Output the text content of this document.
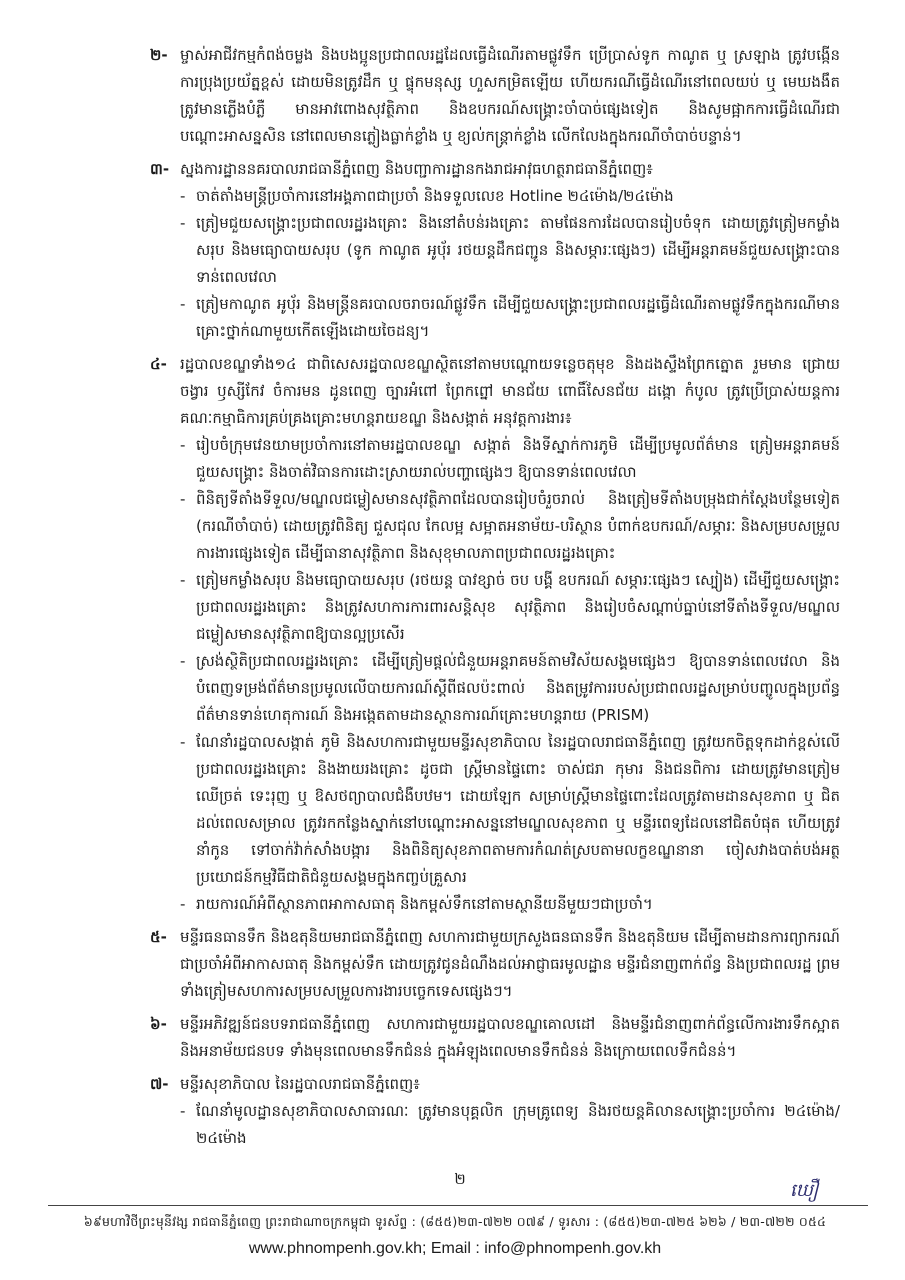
២- ម្ចាស់អាជីវកម្មកំពង់ចម្លង និងបងប្អូនប្រជាពលរដ្ឋដែលធ្វើដំណើរតាមផ្លូវទឹក ប្រើប្រាស់ទូក កាណូត ឬ ស្រឡាង ត្រូវបង្កើនការប្រុងប្រយ័ត្នខ្ពស់ ដោយមិនត្រូវដឹក ឬ ផ្ទុកមនុស្ស ហួសកម្រិតឡើយ ហើយករណីធ្វើដំណើរនៅពេលយប់ ឬ មេឃងងឹត ត្រូវមានភ្លើងបំភ្លឺ មានអាវពោងសុវត្ថិភាព និងឧបករណ៍សង្គ្រោះចាំបាច់ផ្សេងទៀត និងសូមផ្អាកការធ្វើដំណើរជាបណ្ដោះអាសន្នសិន នៅពេលមានភ្លៀងធ្លាក់ខ្លាំង ឬ ខ្យល់កន្ត្រាក់ខ្លាំង លើកលែងក្នុងករណីចាំបាច់បន្ទាន់។
៣- ស្នងការដ្ឋាននគរបាលរាជធានីភ្នំពេញ និងបញ្ជាការដ្ឋានកងរាជអាវុធហត្ថរាជធានីភ្នំពេញ៖
- ចាត់តាំងមន្ត្រីប្រចាំការនៅអង្គភាពជាប្រចាំ និងទទួលលេខ Hotline ២៤ម៉ោង/២៤ម៉ោង
- ត្រៀមជួយសង្គ្រោះប្រជាពលរដ្ឋរងគ្រោះ និងនៅតំបន់រងគ្រោះ តាមផែនការដែលបានរៀបចំទុក ដោយត្រូវត្រៀមកម្លាំងសរុប និងមធ្យោបាយសរុប (ទូក កាណូត អូប៉័រ រថយន្តដឹកជញ្ជូន និងសម្ភារៈផ្សេងៗ) ដើម្បីអន្តរាគមន៍ជួយសង្គ្រោះបានទាន់ពេលវេលា
- ត្រៀមកាណូត អូប៉័រ និងមន្ត្រីនគរបាលចរាចរណ៍ផ្លូវទឹក ដើម្បីជួយសង្គ្រោះប្រជាពលរដ្ឋធ្វើដំណើរតាមផ្លូវទឹកក្នុងករណីមានគ្រោះថ្នាក់ណាមួយកើតឡើងដោយចៃដន្យ។
៤- រដ្ឋបាលខណ្ឌទាំង១៤ ជាពិសេសរដ្ឋបាលខណ្ឌស្ថិតនៅតាមបណ្ដោយទន្លេចតុមុខ និងដងស្ទឹងព្រែកត្នោត រួមមាន ជ្រោយចង្វារ ឫស្សីកែវ ចំការមន ដូនពេញ ច្បារអំពៅ ព្រែកព្នៅ មានជ័យ ពោធិ៍សែនជ័យ ដង្កោ កំបូល ត្រូវប្រើប្រាស់យន្តការគណៈកម្មាធិការគ្រប់គ្រងគ្រោះមហន្តរាយខណ្ឌ និងសង្កាត់ អនុវត្តការងារ៖
- រៀបចំក្រុមវេនយាមប្រចាំការនៅតាមរដ្ឋបាលខណ្ឌ សង្កាត់ និងទីស្នាក់ការភូមិ ដើម្បីប្រមូលព័ត៌មាន ត្រៀមអន្តរាគមន៍ជួយសង្គ្រោះ និងចាត់វិធានការដោះស្រាយរាល់បញ្ហាផ្សេងៗ ឱ្យបានទាន់ពេលវេលា
- ពិនិត្យទីតាំងទីទួល/មណ្ឌលជម្លៀសមានសុវត្ថិភាពដែលបានរៀបចំរួចរាល់ និងត្រៀមទីតាំងបម្រុងជាក់ស្ដែងបន្ថែមទៀត (ករណីចាំបាច់) ដោយត្រូវពិនិត្យ ជួសជុល កែលម្អ សម្អាតអនាម័យ-បរិស្ថាន បំពាក់ឧបករណ៍/សម្ភារៈ និងសម្របសម្រួលការងារផ្សេងទៀត ដើម្បីធានាសុវត្ថិភាព និងសុខុមាលភាពប្រជាពលរដ្ឋរងគ្រោះ
- ត្រៀមកម្លាំងសរុប និងមធ្យោបាយសរុប (រថយន្ត បាវខ្សាច់ ចប បង្គី ឧបករណ៍ សម្ភារៈផ្សេងៗ ស្បៀង) ដើម្បីជួយសង្គ្រោះប្រជាពលរដ្ឋរងគ្រោះ និងត្រូវសហការការពារសន្តិសុខ សុវត្ថិភាព និងរៀបចំសណ្ដាប់ធ្នាប់នៅទីតាំងទីទួល/មណ្ឌលជម្លៀសមានសុវត្ថិភាពឱ្យបានល្អប្រសើរ
- ស្រង់ស្ថិតិប្រជាពលរដ្ឋរងគ្រោះ ដើម្បីត្រៀមផ្ដល់ជំនួយអន្តរាគមន៍តាមវិស័យសង្គមផ្សេងៗ ឱ្យបានទាន់ពេលវេលា និងបំពេញទម្រង់ព័ត៌មានប្រមូលលើបាយការណ៍ស្ដីពីផលប៉ះពាល់ និងតម្រូវការរបស់ប្រជាពលរដ្ឋសម្រាប់បញ្ចូលក្នុងប្រព័ន្ធព័ត៌មានទាន់ហេតុការណ៍ និងអង្កេតតាមដានស្ថានការណ៍គ្រោះមហន្តរាយ (PRISM)
- ណែនាំរដ្ឋបាលសង្កាត់ ភូមិ និងសហការជាមួយមន្ទីរសុខាភិបាល នៃរដ្ឋបាលរាជធានីភ្នំពេញ ត្រូវយកចិត្តទុកដាក់ខ្ពស់លើប្រជាពលរដ្ឋរងគ្រោះ និងងាយរងគ្រោះ ដូចជា ស្ត្រីមានផ្ទៃពោះ ចាស់ជរា កុមារ និងជនពិការ ដោយត្រូវមានត្រៀមឈើច្រត់ ទេះរុញ ឬ ឱសថព្យាបាលជំងឺបឋម។ ដោយឡែក សម្រាប់ស្ត្រីមានផ្ទៃពោះដែលត្រូវតាមដានសុខភាព ឬ ជិតដល់ពេលសម្រាល ត្រូវរកកន្លែងស្នាក់នៅបណ្ដោះអាសន្ននៅមណ្ឌលសុខភាព ឬ មន្ទីរពេទ្យដែលនៅជិតបំផុត ហើយត្រូវនាំកូន ទៅចាក់វ៉ាក់សាំងបង្ការ និងពិនិត្យសុខភាពតាមការកំណត់ស្របតាមលក្ខខណ្ឌនានា ចៀសវាងបាត់បង់អត្ថប្រយោជន៍កម្មវិធីជាតិជំនួយសង្គមក្នុងកញ្ចប់គ្រួសារ
- រាយការណ៍អំពីស្ថានភាពអាកាសធាតុ និងកម្ពស់ទឹកនៅតាមស្ថានីយនីមួយៗជាប្រចាំ។
៥- មន្ទីរធនធានទឹក និងឧតុនិយមរាជធានីភ្នំពេញ សហការជាមួយក្រសួងធនធានទឹក និងឧតុនិយម ដើម្បីតាមដានការព្យាករណ៍ជាប្រចាំអំពីអាកាសធាតុ និងកម្ពស់ទឹក ដោយត្រូវជូនដំណឹងដល់អាជ្ញាធរមូលដ្ឋាន មន្ទីរជំនាញពាក់ព័ន្ធ និងប្រជាពលរដ្ឋ ព្រមទាំងត្រៀមសហការសម្របសម្រួលការងារបច្ចេកទេសផ្សេងៗ។
៦- មន្ទីរអភិវឌ្ឍន៍ជនបទរាជធានីភ្នំពេញ សហការជាមួយរដ្ឋបាលខណ្ឌគោលដៅ និងមន្ទីរជំនាញពាក់ព័ន្ធលើការងារទឹកស្អាត និងអនាម័យជនបទ ទាំងមុនពេលមានទឹកជំនន់ ក្នុងអំឡុងពេលមានទឹកជំនន់ និងក្រោយពេលទឹកជំនន់។
៧- មន្ទីរសុខាភិបាល នៃរដ្ឋបាលរាជធានីភ្នំពេញ៖
- ណែនាំមូលដ្ឋានសុខាភិបាលសាធារណៈ ត្រូវមានបុគ្គលិក ក្រុមគ្រូពេទ្យ និងរថយន្តគិលានសង្គ្រោះប្រចាំការ ២៤ម៉ោង/២៤ម៉ោង
២
ឃឿ
៦៩មហាវិថីព្រះមុនីវង្ស រាជធានីភ្នំពេញ ព្រះរាជាណាចក្រកម្ពុជា ទូរស័ព្ទ : (៨៥៥)២៣-៧២២ ០៧៩ / ទូរសារ : (៨៥៥)២៣-៧២៥ ៦២៦ / ២៣-៧២២ ០៥៤
www.phnompenh.gov.kh; Email : info@phnompenh.gov.kh
